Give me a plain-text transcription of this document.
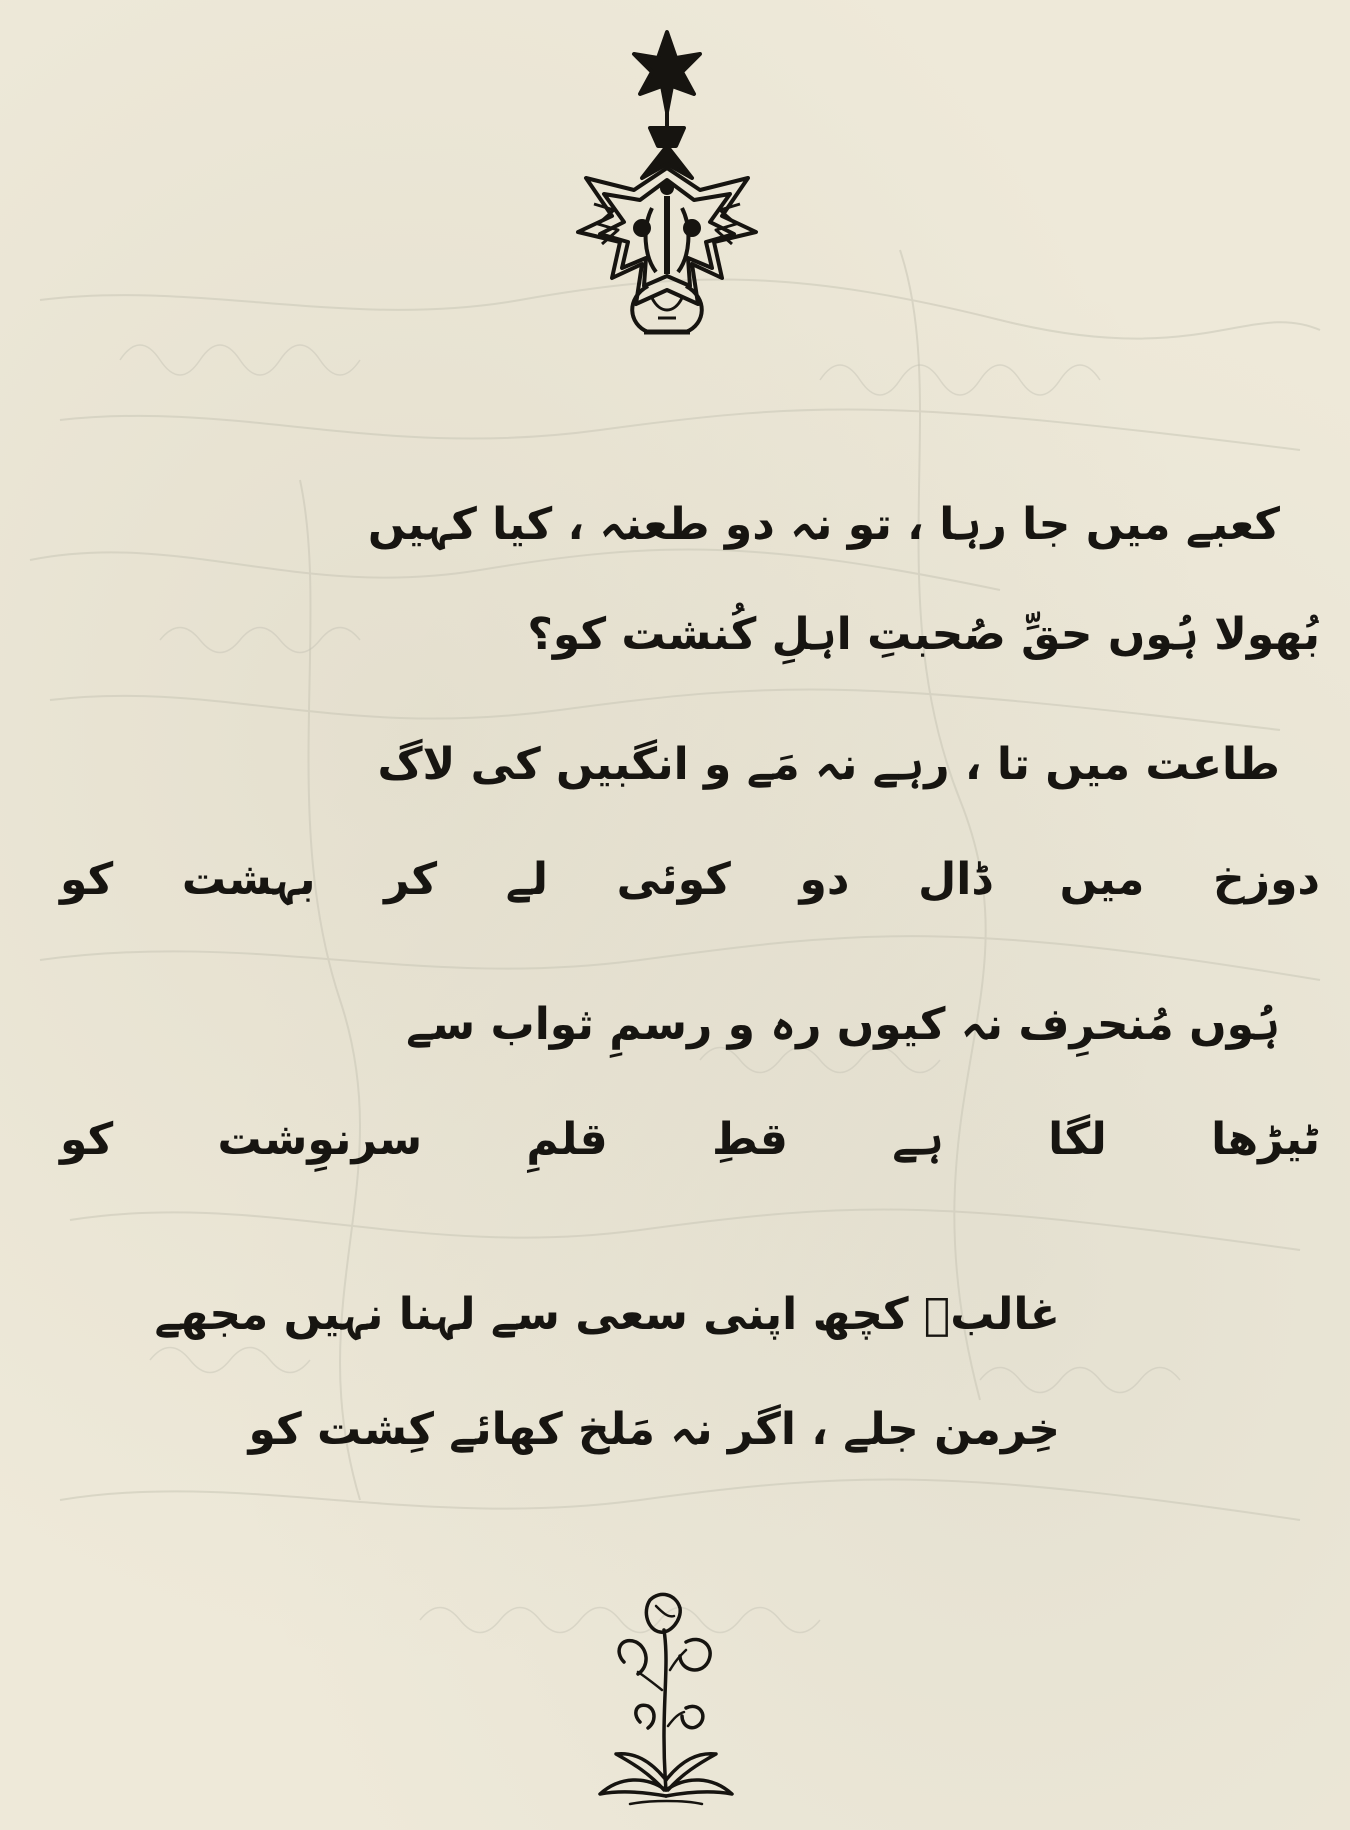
کعبے میں جا رہا ، تو نہ دو طعنہ ، کیا کہیں

بُھولا ہُوں حقِّ صُحبتِ اہلِ کُنشت کو؟

طاعت میں تا ، رہے نہ مَے و انگبیں کی لاگ

دوزخ میں ڈال دو کوئی لے کر بہشت کو

ہُوں مُنحرِف نہ کیوں رہ و رسمِ ثواب سے

ٹیڑھا لگا ہے قطِ قلمِ سرنوِشت کو

غالبؔ کچھ اپنی سعی سے لہنا نہیں مجھے

خِرمن جلے ، اگر نہ مَلخ کھائے کِشت کو
